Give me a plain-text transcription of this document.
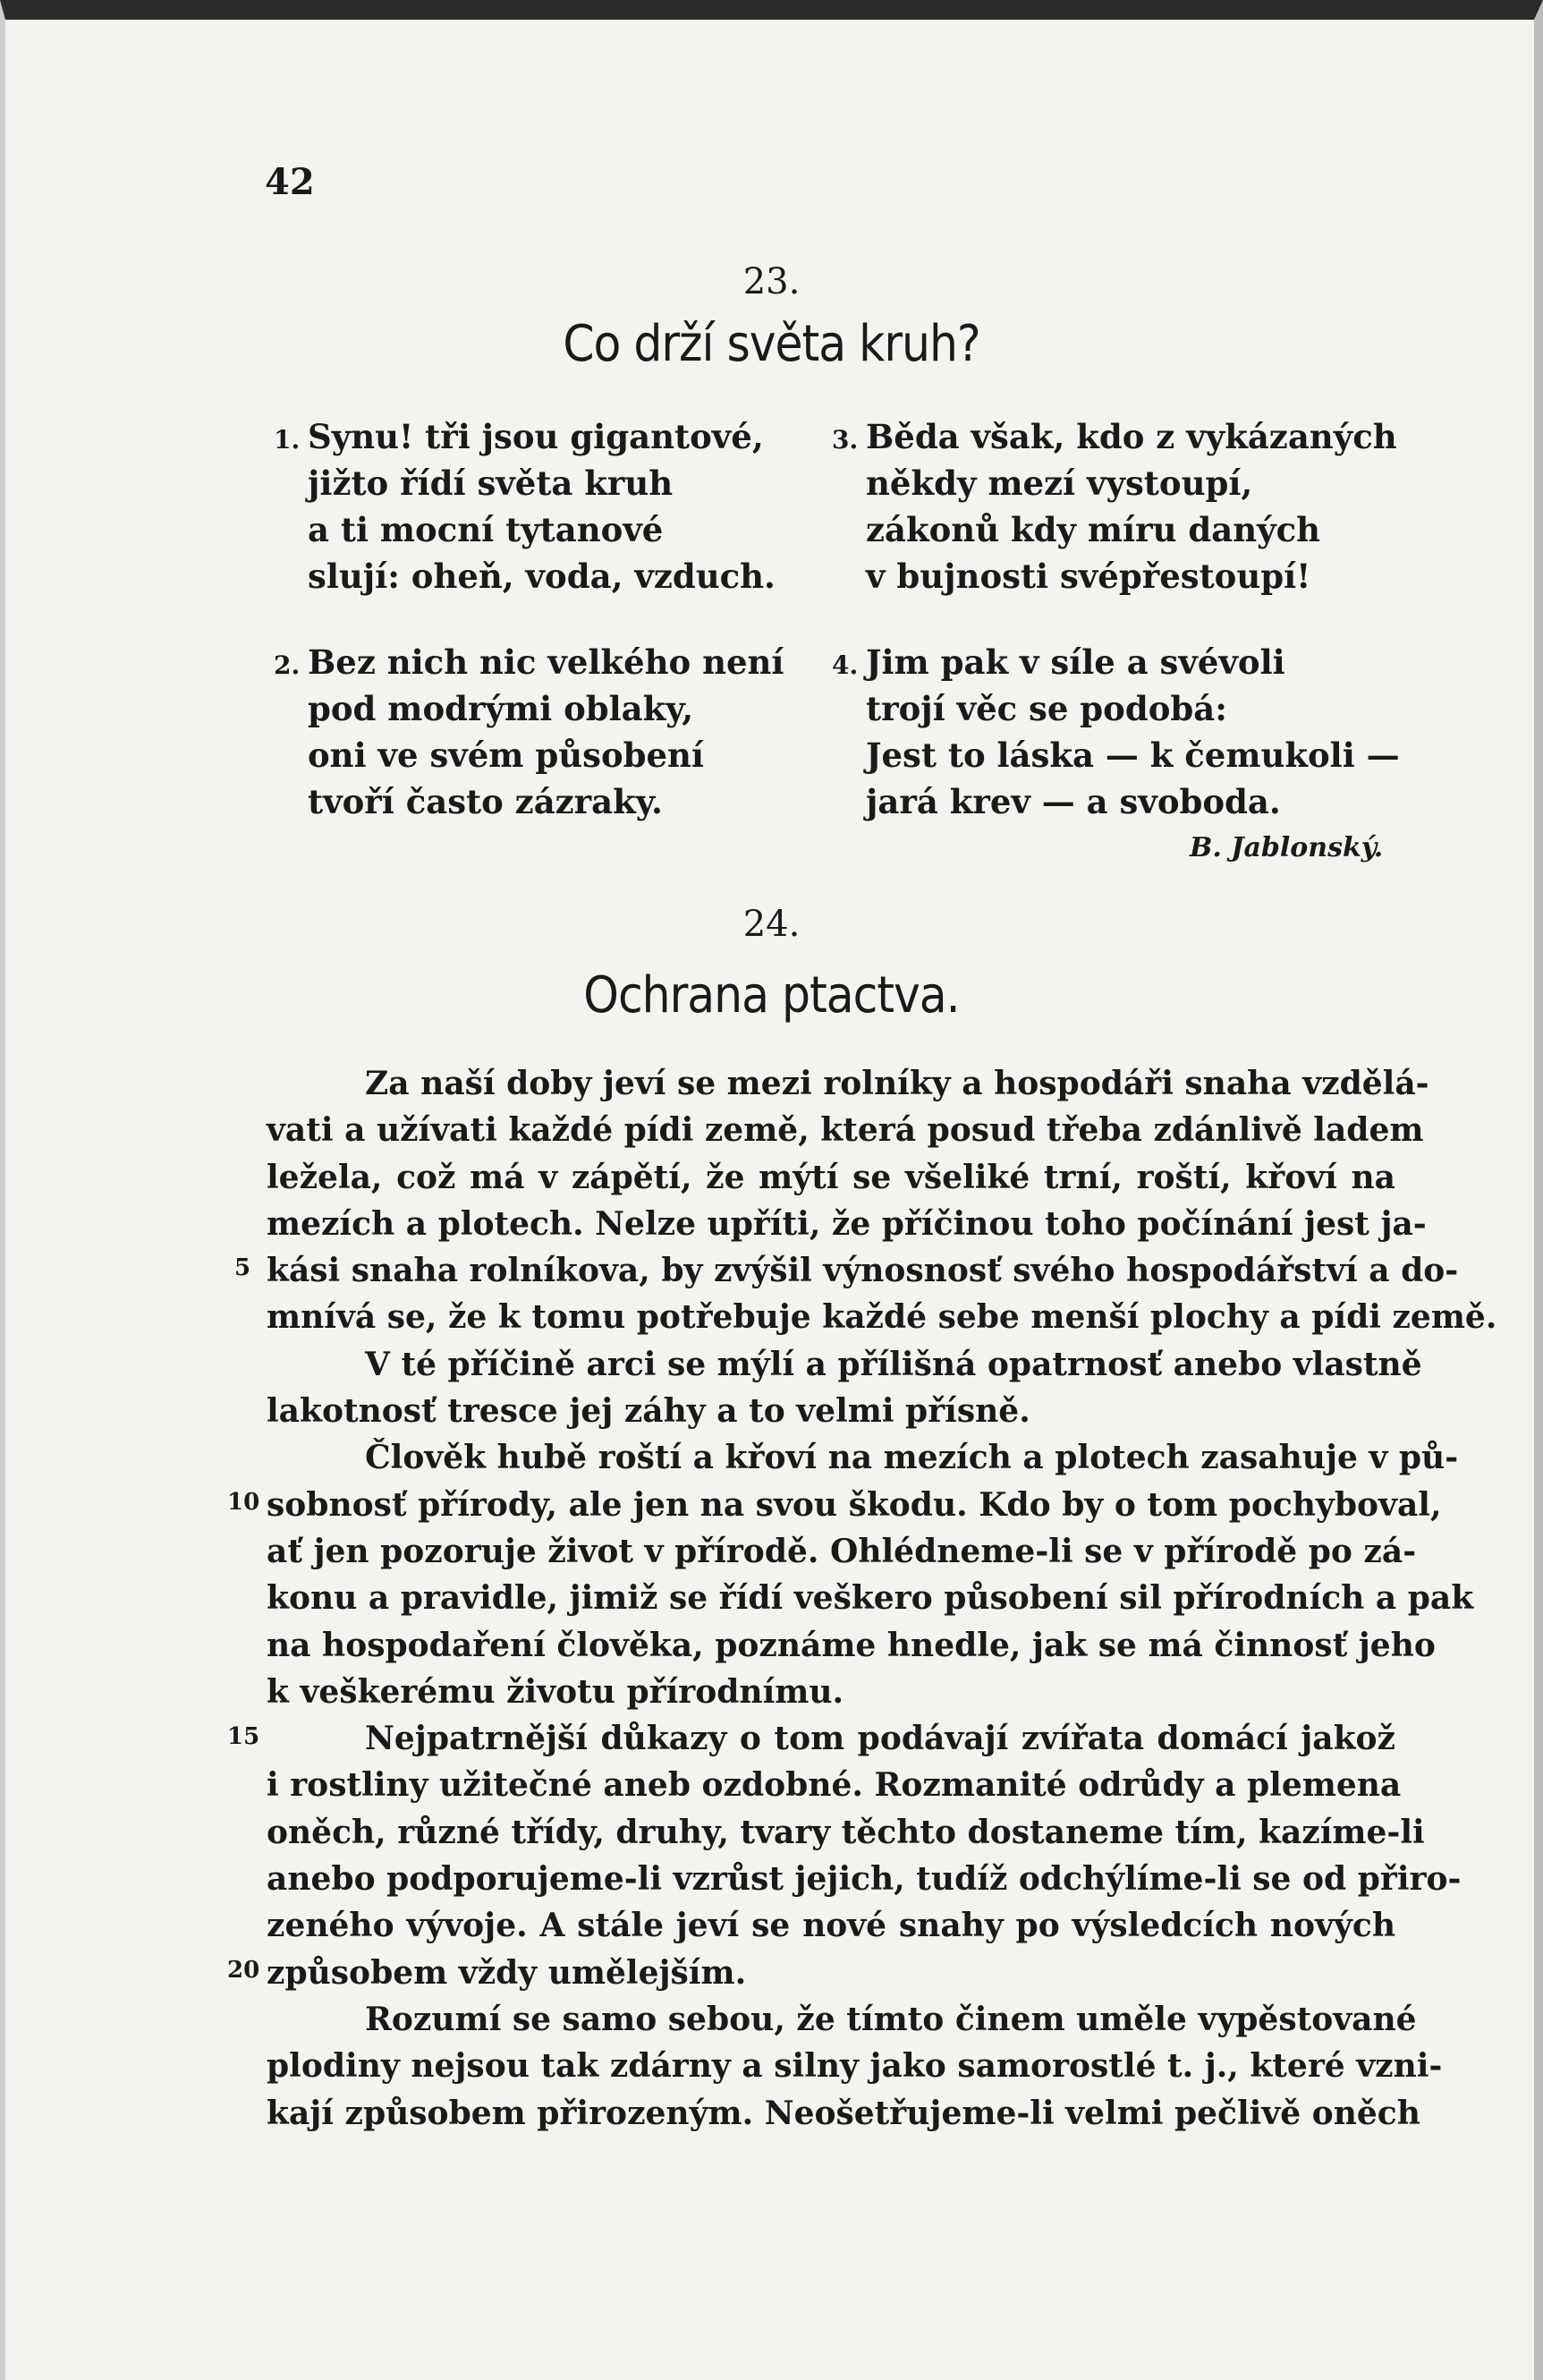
42
23.
Co drží světa kruh?
1. Synu! tři jsou gigantové,
jižto řídí světa kruh
a ti mocní tytanové
slují: oheň, voda, vzduch.
2. Bez nich nic velkého není
pod modrými oblaky,
oni ve svém působení
tvoří často zázraky.
3. Běda však, kdo z vykázaných
někdy mezí vystoupí,
zákonů kdy míru daných
v bujnosti svépřestoupí!
4. Jim pak v síle a svévoli
trojí věc se podobá:
Jest to láska — k čemukoli —
jará krev — a svoboda.
B. Jablonský.
24.
Ochrana ptactva.
Za naší doby jeví se mezi rolníky a hospodáři snaha vzdělá-
vati a užívati každé pídi země, která posud třeba zdánlivě ladem
ležela, což má v zápětí, že mýtí se všeliké trní, roští, křoví na
mezích a plotech. Nelze upříti, že příčinou toho počínání jest ja-
kási snaha rolníkova, by zvýšil výnosnosť svého hospodářství a do-
mnívá se, že k tomu potřebuje každé sebe menší plochy a pídi země.
V té příčině arci se mýlí a přílišná opatrnosť anebo vlastně
lakotnosť tresce jej záhy a to velmi přísně.
Člověk hubě roští a křoví na mezích a plotech zasahuje v pů-
sobnosť přírody, ale jen na svou škodu. Kdo by o tom pochyboval,
ať jen pozoruje život v přírodě. Ohlédneme-li se v přírodě po zá-
konu a pravidle, jimiž se řídí veškero působení sil přírodních a pak
na hospodaření člověka, poznáme hnedle, jak se má činnosť jeho
k veškerému životu přírodnímu.
Nejpatrnější důkazy o tom podávají zvířata domácí jakož
i rostliny užitečné aneb ozdobné. Rozmanité odrůdy a plemena
oněch, různé třídy, druhy, tvary těchto dostaneme tím, kazíme-li
anebo podporujeme-li vzrůst jejich, tudíž odchýlíme-li se od přiro-
zeného vývoje. A stále jeví se nové snahy po výsledcích nových
způsobem vždy umělejším.
Rozumí se samo sebou, že tímto činem uměle vypěstované
plodiny nejsou tak zdárny a silny jako samorostlé t. j., které vzni-
kají způsobem přirozeným. Neošetřujeme-li velmi pečlivě oněch
5
10
15
20
